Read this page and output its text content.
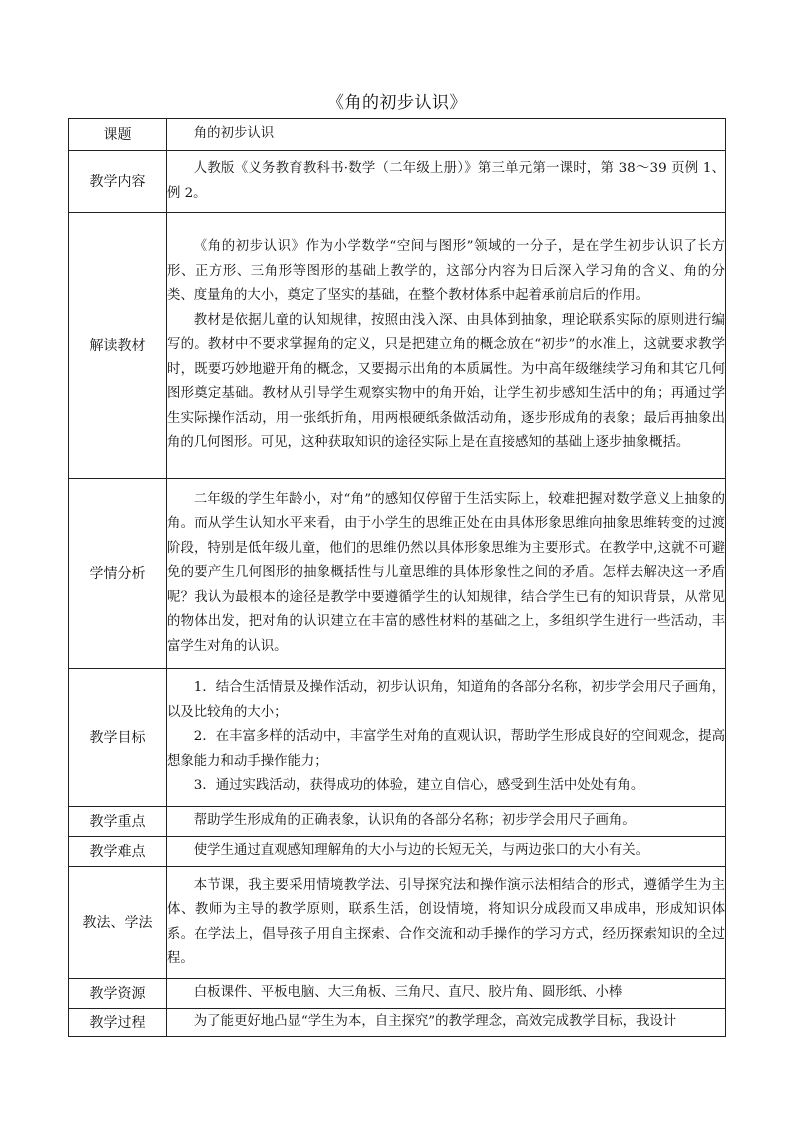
《角的初步认识》
课题	角的初步认识

教学内容	人教版《义务教育教科书·数学（二年级上册）》第三单元第一课时，第 38～39 页例 1、例 2。

解读教材	《角的初步认识》作为小学数学“空间与图形”领域的一分子，是在学生初步认识了长方形、正方形、三角形等图形的基础上教学的，这部分内容为日后深入学习角的含义、角的分类、度量角的大小，奠定了坚实的基础，在整个教材体系中起着承前启后的作用。

教材是依据儿童的认知规律，按照由浅入深、由具体到抽象，理论联系实际的原则进行编写的。教材中不要求掌握角的定义，只是把建立角的概念放在“初步”的水准上，这就要求教学时，既要巧妙地避开角的概念，又要揭示出角的本质属性。为中高年级继续学习角和其它几何图形奠定基础。教材从引导学生观察实物中的角开始，让学生初步感知生活中的角；再通过学生实际操作活动，用一张纸折角，用两根硬纸条做活动角，逐步形成角的表象；最后再抽象出角的几何图形。可见，这种获取知识的途径实际上是在直接感知的基础上逐步抽象概括。

学情分析	二年级的学生年龄小，对“角”的感知仅停留于生活实际上，较难把握对数学意义上抽象的角。而从学生认知水平来看，由于小学生的思维正处在由具体形象思维向抽象思维转变的过渡阶段，特别是低年级儿童，他们的思维仍然以具体形象思维为主要形式。在教学中,这就不可避免的要产生几何图形的抽象概括性与儿童思维的具体形象性之间的矛盾。怎样去解决这一矛盾呢？我认为最根本的途径是教学中要遵循学生的认知规律，结合学生已有的知识背景，从常见的物体出发，把对角的认识建立在丰富的感性材料的基础之上，多组织学生进行一些活动，丰富学生对角的认识。

教学目标	1．结合生活情景及操作活动，初步认识角，知道角的各部分名称，初步学会用尺子画角，以及比较角的大小；

2．在丰富多样的活动中，丰富学生对角的直观认识，帮助学生形成良好的空间观念，提高想象能力和动手操作能力；

3．通过实践活动，获得成功的体验，建立自信心，感受到生活中处处有角。

教学重点	帮助学生形成角的正确表象，认识角的各部分名称；初步学会用尺子画角。

教学难点	使学生通过直观感知理解角的大小与边的长短无关，与两边张口的大小有关。

教法、学法	本节课，我主要采用情境教学法、引导探究法和操作演示法相结合的形式，遵循学生为主体、教师为主导的教学原则，联系生活，创设情境，将知识分成段而又串成串，形成知识体系。在学法上，倡导孩子用自主探索、合作交流和动手操作的学习方式，经历探索知识的全过程。

教学资源	白板课件、平板电脑、大三角板、三角尺、直尺、胶片角、圆形纸、小棒

教学过程	为了能更好地凸显“学生为本，自主探究”的教学理念，高效完成教学目标，我设计
